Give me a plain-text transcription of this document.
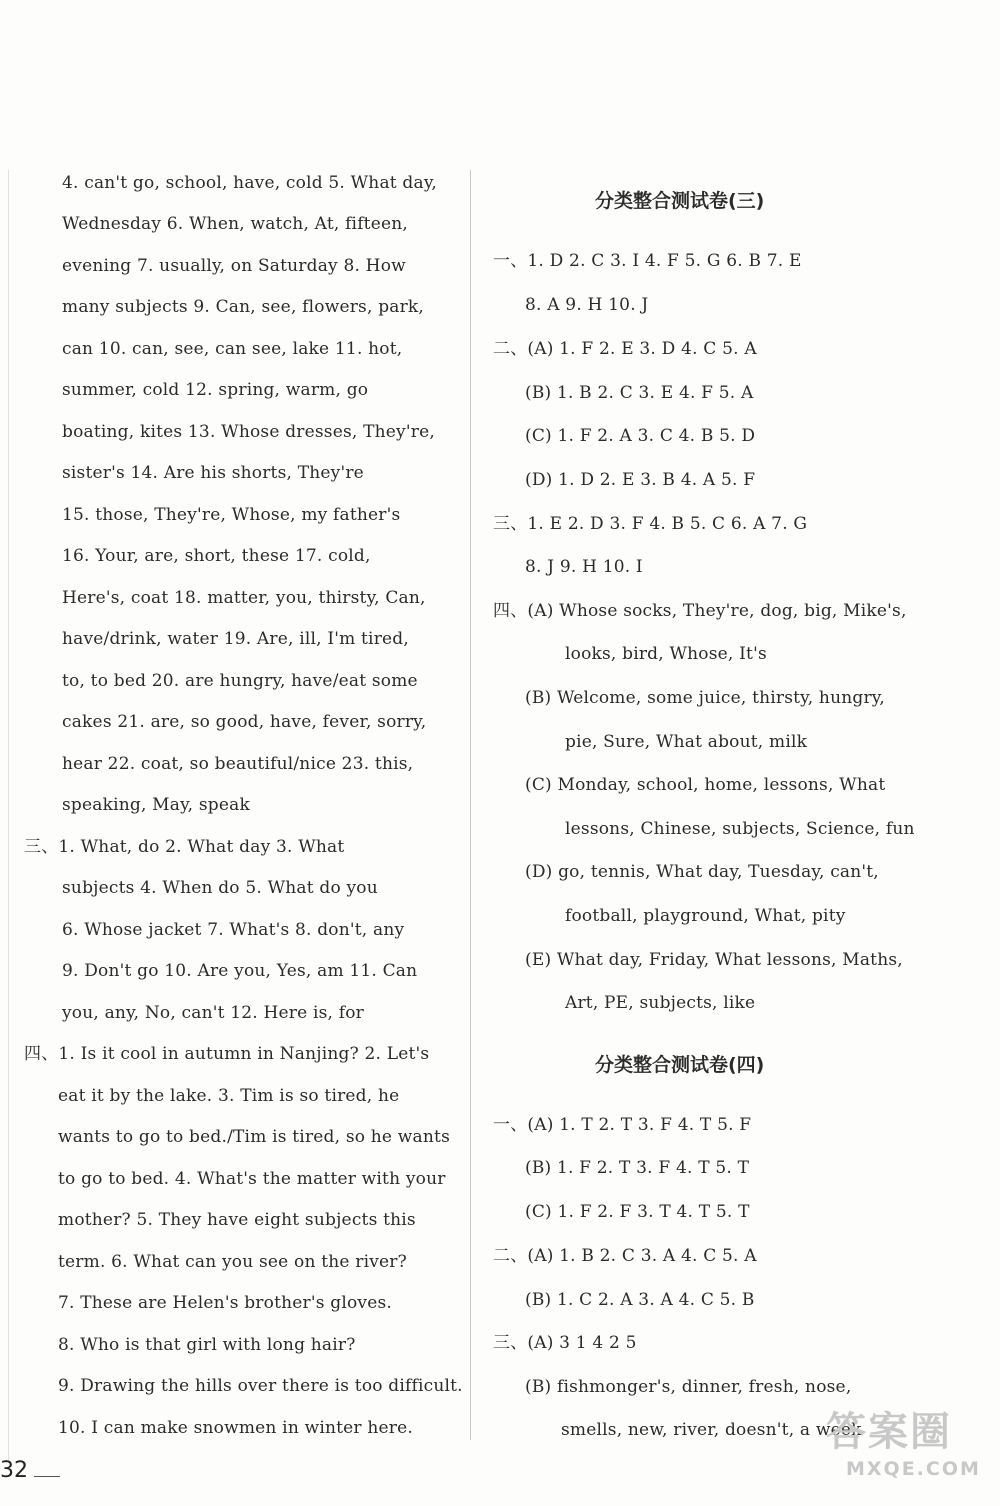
4. can't go, school, have, cold 5. What day,
Wednesday 6. When, watch, At, fifteen,
evening 7. usually, on Saturday 8. How
many subjects 9. Can, see, flowers, park,
can 10. can, see, can see, lake 11. hot,
summer, cold 12. spring, warm, go
boating, kites 13. Whose dresses, They're,
sister's 14. Are his shorts, They're
15. those, They're, Whose, my father's
16. Your, are, short, these 17. cold,
Here's, coat 18. matter, you, thirsty, Can,
have/drink, water 19. Are, ill, I'm tired,
to, to bed 20. are hungry, have/eat some
cakes 21. are, so good, have, fever, sorry,
hear 22. coat, so beautiful/nice 23. this,
speaking, May, speak
三、1. What, do 2. What day 3. What
subjects 4. When do 5. What do you
6. Whose jacket 7. What's 8. don't, any
9. Don't go 10. Are you, Yes, am 11. Can
you, any, No, can't 12. Here is, for
四、1. Is it cool in autumn in Nanjing? 2. Let's
eat it by the lake. 3. Tim is so tired, he
wants to go to bed./Tim is tired, so he wants
to go to bed. 4. What's the matter with your
mother? 5. They have eight subjects this
term. 6. What can you see on the river?
7. These are Helen's brother's gloves.
8. Who is that girl with long hair?
9. Drawing the hills over there is too difficult.
10. I can make snowmen in winter here.
分类整合测试卷(三)
一、1. D 2. C 3. I 4. F 5. G 6. B 7. E
8. A 9. H 10. J
二、(A) 1. F 2. E 3. D 4. C 5. A
(B) 1. B 2. C 3. E 4. F 5. A
(C) 1. F 2. A 3. C 4. B 5. D
(D) 1. D 2. E 3. B 4. A 5. F
三、1. E 2. D 3. F 4. B 5. C 6. A 7. G
8. J 9. H 10. I
四、(A) Whose socks, They're, dog, big, Mike's,
looks, bird, Whose, It's
(B) Welcome, some juice, thirsty, hungry,
pie, Sure, What about, milk
(C) Monday, school, home, lessons, What
lessons, Chinese, subjects, Science, fun
(D) go, tennis, What day, Tuesday, can't,
football, playground, What, pity
(E) What day, Friday, What lessons, Maths,
Art, PE, subjects, like
分类整合测试卷(四)
一、(A) 1. T 2. T 3. F 4. T 5. F
(B) 1. F 2. T 3. F 4. T 5. T
(C) 1. F 2. F 3. T 4. T 5. T
二、(A) 1. B 2. C 3. A 4. C 5. A
(B) 1. C 2. A 3. A 4. C 5. B
三、(A) 3 1 4 2 5
(B) fishmonger's, dinner, fresh, nose,
smells, new, river, doesn't, a week
32
答案圈
MXQE.COM
